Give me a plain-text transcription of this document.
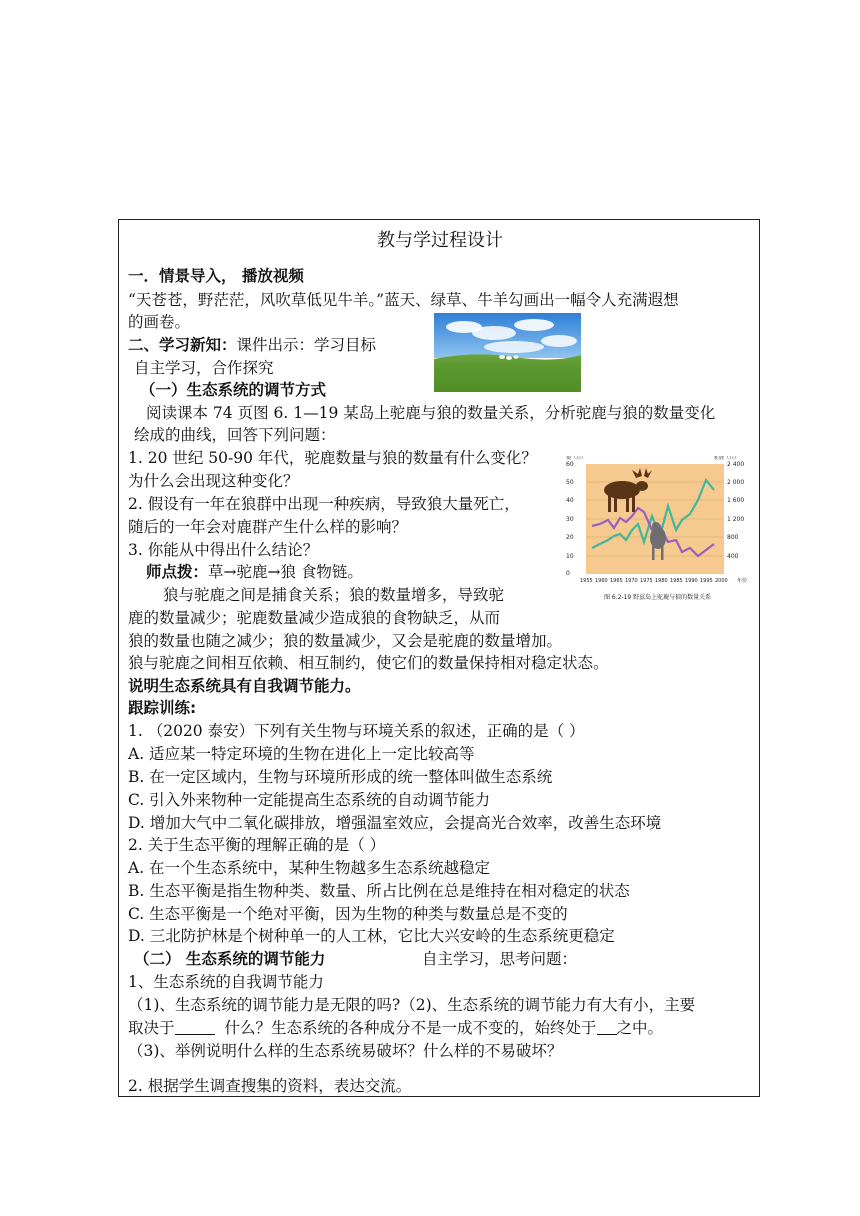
教与学过程设计
一．情景导入， 播放视频
“天苍苍，野茫茫，风吹草低见牛羊。”蓝天、绿草、牛羊勾画出一幅令人充满遐想
的画卷。
二、学习新知：课件出示：学习目标
自主学习，合作探究
（一）生态系统的调节方式
阅读课本 74 页图 6. 1—19 某岛上驼鹿与狼的数量关系，分析驼鹿与狼的数量变化
绘成的曲线，回答下列问题：
1. 20 世纪 50-90 年代，驼鹿数量与狼的数量有什么变化？
为什么会出现这种变化？
2. 假设有一年在狼群中出现一种疾病，导致狼大量死亡，
随后的一年会对鹿群产生什么样的影响？
3. 你能从中得出什么结论？
师点拨：草→驼鹿→狼 食物链。
狼与驼鹿之间是捕食关系；狼的数量增多，导致驼
鹿的数量减少；驼鹿数量减少造成狼的食物缺乏，从而
狼的数量也随之减少；狼的数量减少，又会是驼鹿的数量增加。
狼与驼鹿之间相互依赖、相互制约，使它们的数量保持相对稳定状态。
说明生态系统具有自我调节能力。
跟踪训练:
1. （2020 泰安）下列有关生物与环境关系的叙述，正确的是（ ）
A. 适应某一特定环境的生物在进化上一定比较高等
B. 在一定区域内，生物与环境所形成的统一整体叫做生态系统
C. 引入外来物种一定能提高生态系统的自动调节能力
D. 增加大气中二氧化碳排放，增强温室效应，会提高光合效率，改善生态环境
2. 关于生态平衡的理解正确的是（ ）
A. 在一个生态系统中，某种生物越多生态系统越稳定
B. 生态平衡是指生物种类、数量、所占比例在总是维持在相对稳定的状态
C. 生态平衡是一个绝对平衡，因为生物的种类与数量总是不变的
D. 三北防护林是个树种单一的人工林，它比大兴安岭的生态系统更稳定
（二） 生态系统的调节能力	自主学习，思考问题：
1、生态系统的自我调节能力
（1)、生态系统的调节能力是无限的吗?（2)、生态系统的调节能力有大有小，主要
取决于	什么？生态系统的各种成分不是一成不变的，始终处于 之中。
（3)、举例说明什么样的生态系统易破坏？什么样的不易破坏？
2. 根据学生调查搜集的资料，表达交流。
60
50
40
30
20
10
0
2 400
2 000
1 600
1 200
800
400
狼（只）	驼鹿（只）
1955 1960 1965 1970 1975 1980 1985 1990 1995 2000 年份
图 6.2-19 野兹岛上驼鹿与狼的数量关系
